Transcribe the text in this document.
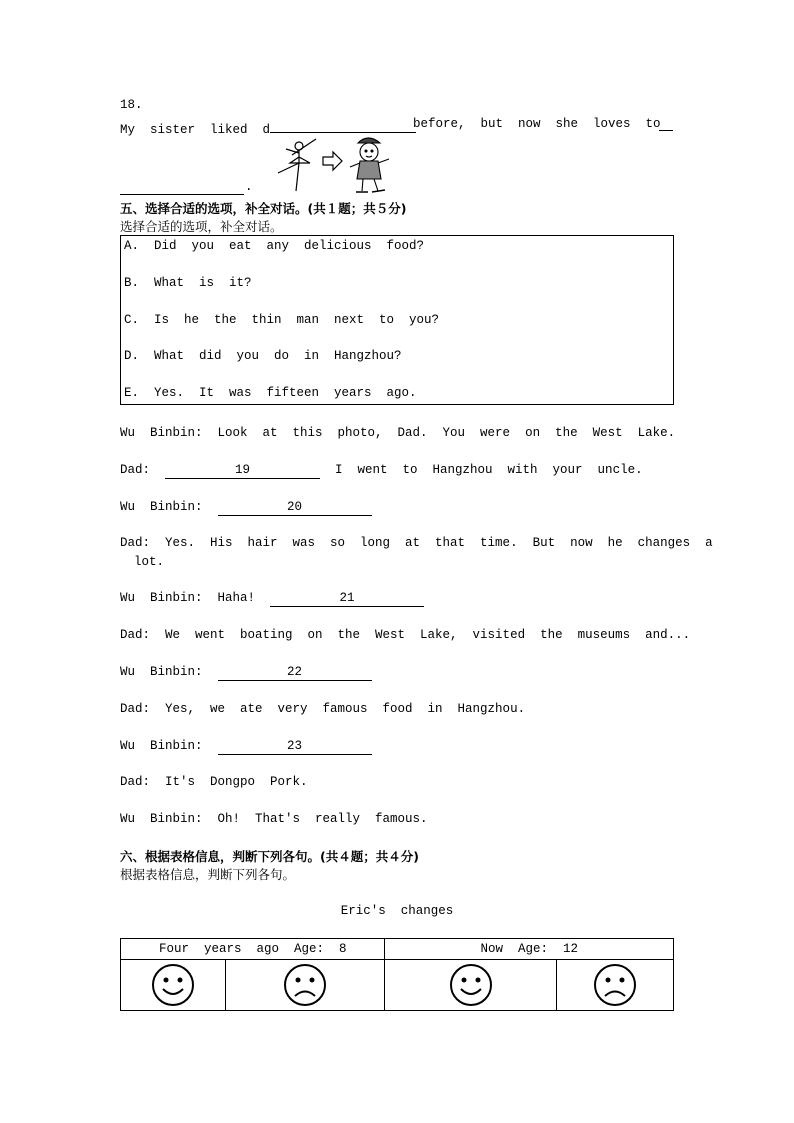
18.
My  sister  liked  d	before,  but  now  she  loves  to
.
五、选择合适的选项，补全对话。(共１题；共５分)
选择合适的选项，补全对话。
A.  Did  you  eat  any  delicious  food?
B.  What  is  it?
C.  Is  he  the  thin  man  next  to  you?
D.  What  did  you  do  in  Hangzhou?
E.  Yes.  It  was  fifteen  years  ago.
Wu  Binbin:  Look  at  this  photo,  Dad.  You  were  on  the  West  Lake.
Dad:	19	I  went  to  Hangzhou  with  your  uncle.
Wu  Binbin:	20
Dad:  Yes.  His  hair  was  so  long  at  that  time.  But  now  he  changes  a
lot.
Wu  Binbin:  Haha!	21
Dad:  We  went  boating  on  the  West  Lake,  visited  the  museums  and...
Wu  Binbin:	22
Dad:  Yes,  we  ate  very  famous  food  in  Hangzhou.
Wu  Binbin:	23
Dad:  It's  Dongpo  Pork.
Wu  Binbin:  Oh!  That's  really  famous.
六、根据表格信息，判断下列各句。(共４题；共４分)
根据表格信息，判断下列各句。
Eric's  changes
Four  years  ago  Age:  8		Now  Age:  12	
